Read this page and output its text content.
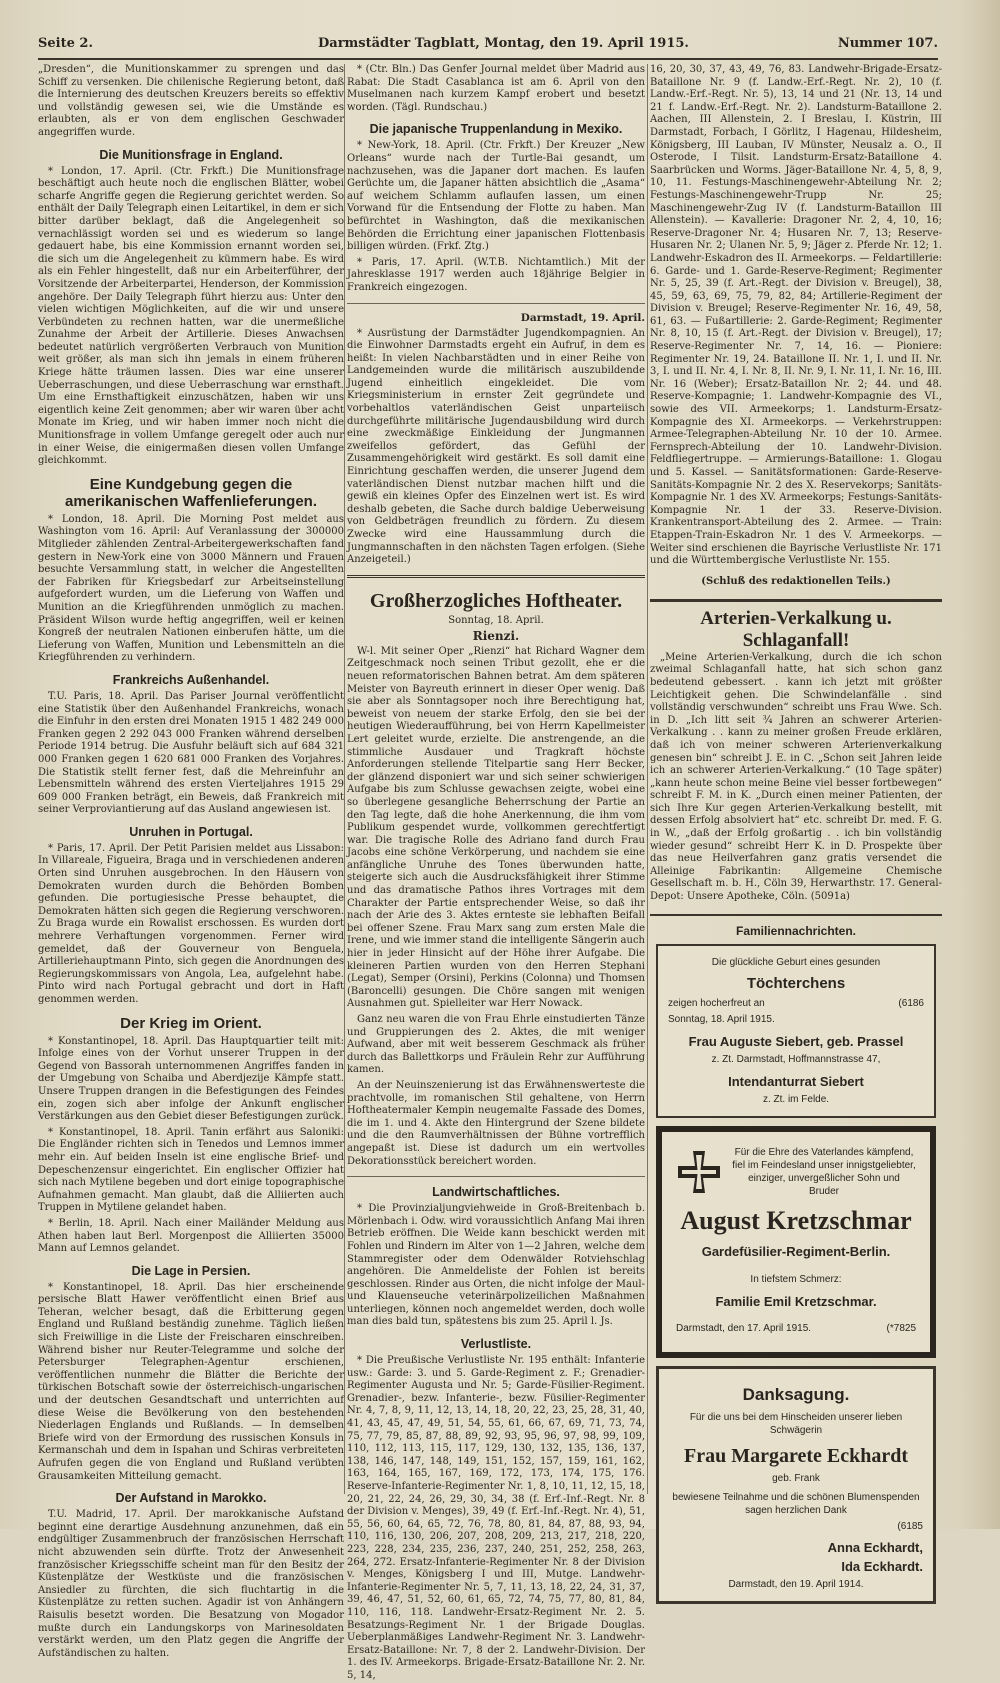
Seite 2.	Darmstädter Tagblatt, Montag, den 19. April 1915.	Nummer 107.

„Dresden“, die Munitionskammer zu sprengen und das Schiff zu versenken. Die chilenische Regierung betont, daß die Internierung des deutschen Kreuzers bereits so effektiv und vollständig gewesen sei, wie die Umstände es erlaubten, als er von dem englischen Geschwader angegriffen wurde.

Die Munitionsfrage in England.

* London, 17. April. (Ctr. Frkft.) Die Munitionsfrage beschäftigt auch heute noch die englischen Blätter, wobei scharfe Angriffe gegen die Regierung gerichtet werden. So enthält der Daily Telegraph einen Leitartikel, in dem er sich bitter darüber beklagt, daß die Angelegenheit so vernachlässigt worden sei und es wiederum so lange gedauert habe, bis eine Kommission ernannt worden sei, die sich um die Angelegenheit zu kümmern habe. Es wird als ein Fehler hingestellt, daß nur ein Arbeiterführer, der Vorsitzende der Arbeiterpartei, Henderson, der Kommission angehöre. Der Daily Telegraph führt hierzu aus: Unter den vielen wichtigen Möglichkeiten, auf die wir und unsere Verbündeten zu rechnen hatten, war die unermeßliche Zunahme der Arbeit der Artillerie. Dieses Anwachsen bedeutet natürlich vergrößerten Verbrauch von Munition weit größer, als man sich ihn jemals in einem früheren Kriege hätte träumen lassen. Dies war eine unserer Ueberraschungen, und diese Ueberraschung war ernsthaft. Um eine Ernsthaftigkeit einzuschätzen, haben wir uns eigentlich keine Zeit genommen; aber wir waren über acht Monate im Krieg, und wir haben immer noch nicht die Munitionsfrage in vollem Umfange geregelt oder auch nur in einer Weise, die einigermaßen diesen vollen Umfange gleichkommt.

Eine Kundgebung gegen die amerikanischen Waffenlieferungen.

* London, 18. April. Die Morning Post meldet aus Washington vom 16. April: Auf Veranlassung der 300000 Mitglieder zählenden Zentral-Arbeitergewerkschaften fand gestern in New-York eine von 3000 Männern und Frauen besuchte Versammlung statt, in welcher die Angestellten der Fabriken für Kriegsbedarf zur Arbeitseinstellung aufgefordert wurden, um die Lieferung von Waffen und Munition an die Kriegführenden unmöglich zu machen. Präsident Wilson wurde heftig angegriffen, weil er keinen Kongreß der neutralen Nationen einberufen hätte, um die Lieferung von Waffen, Munition und Lebensmitteln an die Kriegführenden zu verhindern.

Frankreichs Außenhandel.

T.U. Paris, 18. April. Das Pariser Journal veröffentlicht eine Statistik über den Außenhandel Frankreichs, wonach die Einfuhr in den ersten drei Monaten 1915 1 482 249 000 Franken gegen 2 292 043 000 Franken während derselben Periode 1914 betrug. Die Ausfuhr beläuft sich auf 684 321 000 Franken gegen 1 620 681 000 Franken des Vorjahres. Die Statistik stellt ferner fest, daß die Mehreinfuhr an Lebensmitteln während des ersten Vierteljahres 1915 29 609 000 Franken beträgt, ein Beweis, daß Frankreich mit seiner Verproviantierung auf das Ausland angewiesen ist.

Unruhen in Portugal.

* Paris, 17. April. Der Petit Parisien meldet aus Lissabon: In Villareale, Figueira, Braga und in verschiedenen anderen Orten sind Unruhen ausgebrochen. In den Häusern von Demokraten wurden durch die Behörden Bomben gefunden. Die portugiesische Presse behauptet, die Demokraten hätten sich gegen die Regierung verschworen. Zu Braga wurde ein Rowalist erschossen. Es wurden dort mehrere Verhaftungen vorgenommen. Ferner wird gemeldet, daß der Gouverneur von Benguela, Artilleriehauptmann Pinto, sich gegen die Anordnungen des Regierungskommissars von Angola, Lea, aufgelehnt habe. Pinto wird nach Portugal gebracht und dort in Haft genommen werden.

Der Krieg im Orient.

* Konstantinopel, 18. April. Das Hauptquartier teilt mit: Infolge eines von der Vorhut unserer Truppen in der Gegend von Bassorah unternommenen Angriffes fanden in der Umgebung von Schaiba und Aberdjezije Kämpfe statt. Unsere Truppen drangen in die Befestigungen des Feindes ein, zogen sich aber infolge der Ankunft englischer Verstärkungen aus den Gebiet dieser Befestigungen zurück.

* Konstantinopel, 18. April. Tanin erfährt aus Saloniki: Die Engländer richten sich in Tenedos und Lemnos immer mehr ein. Auf beiden Inseln ist eine englische Brief- und Depeschenzensur eingerichtet. Ein englischer Offizier hat sich nach Mytilene begeben und dort einige topographische Aufnahmen gemacht. Man glaubt, daß die Alliierten auch Truppen in Mytilene gelandet haben.

* Berlin, 18. April. Nach einer Mailänder Meldung aus Athen haben laut Berl. Morgenpost die Alliierten 35000 Mann auf Lemnos gelandet.

Die Lage in Persien.

* Konstantinopel, 18. April. Das hier erscheinende persische Blatt Hawer veröffentlicht einen Brief aus Teheran, welcher besagt, daß die Erbitterung gegen England und Rußland beständig zunehme. Täglich ließen sich Freiwillige in die Liste der Freischaren einschreiben. Während bisher nur Reuter-Telegramme und solche der Petersburger Telegraphen-Agentur erschienen, veröffentlichen nunmehr die Blätter die Berichte der türkischen Botschaft sowie der österreichisch-ungarischen und der deutschen Gesandtschaft und unterrichten auf diese Weise die Bevölkerung von den bestehenden Niederlagen Englands und Rußlands. — In demselben Briefe wird von der Ermordung des russischen Konsuls in Kermanschah und dem in Ispahan und Schiras verbreiteten Aufrufen gegen die von England und Rußland verübten Grausamkeiten Mitteilung gemacht.

Der Aufstand in Marokko.

T.U. Madrid, 17. April. Der marokkanische Aufstand beginnt eine derartige Ausdehnung anzunehmen, daß ein endgültiger Zusammenbruch der französischen Herrschaft nicht abzuwenden sein dürfte. Trotz der Anwesenheit französischer Kriegsschiffe scheint man für den Besitz der Küstenplätze der Westküste und die französischen Ansiedler zu fürchten, die sich fluchtartig in die Küstenplätze zu retten suchen. Agadir ist von Anhängern Raisulis besetzt worden. Die Besatzung von Mogador mußte durch ein Landungskorps von Marinesoldaten verstärkt werden, um den Platz gegen die Angriffe der Aufständischen zu halten.

* (Ctr. Bln.) Das Genfer Journal meldet über Madrid aus Rabat: Die Stadt Casablanca ist am 6. April von den Muselmanen nach kurzem Kampf erobert und besetzt worden. (Tägl. Rundschau.)

Die japanische Truppenlandung in Mexiko.

* New-York, 18. April. (Ctr. Frkft.) Der Kreuzer „New Orleans“ wurde nach der Turtle-Bai gesandt, um nachzusehen, was die Japaner dort machen. Es laufen Gerüchte um, die Japaner hätten absichtlich die „Asama“ auf weichem Schlamm auflaufen lassen, um einen Vorwand für die Entsendung der Flotte zu haben. Man befürchtet in Washington, daß die mexikanischen Behörden die Errichtung einer japanischen Flottenbasis billigen würden. (Frkf. Ztg.)

* Paris, 17. April. (W.T.B. Nichtamtlich.) Mit der Jahresklasse 1917 werden auch 18jährige Belgier in Frankreich eingezogen.

Darmstadt, 19. April.

* Ausrüstung der Darmstädter Jugendkompagnien. An die Einwohner Darmstadts ergeht ein Aufruf, in dem es heißt: In vielen Nachbarstädten und in einer Reihe von Landgemeinden wurde die militärisch auszubildende Jugend einheitlich eingekleidet. Die vom Kriegsministerium in ernster Zeit gegründete und vorbehaltlos vaterländischen Geist unparteiisch durchgeführte militärische Jugendausbildung wird durch eine zweckmäßige Einkleidung der Jungmannen zweifellos gefördert, das Gefühl der Zusammengehörigkeit wird gestärkt. Es soll damit eine Einrichtung geschaffen werden, die unserer Jugend dem vaterländischen Dienst nutzbar machen hilft und die gewiß ein kleines Opfer des Einzelnen wert ist. Es wird deshalb gebeten, die Sache durch baldige Ueberweisung von Geldbeträgen freundlich zu fördern. Zu diesem Zwecke wird eine Haussammlung durch die Jungmannschaften in den nächsten Tagen erfolgen. (Siehe Anzeigeteil.)

Großherzogliches Hoftheater.
Sonntag, 18. April.
Rienzi.

W-l. Mit seiner Oper „Rienzi“ hat Richard Wagner dem Zeitgeschmack noch seinen Tribut gezollt, ehe er die neuen reformatorischen Bahnen betrat. Am dem späteren Meister von Bayreuth erinnert in dieser Oper wenig. Daß sie aber als Sonntagsoper noch ihre Berechtigung hat, beweist von neuem der starke Erfolg, den sie bei der heutigen Wiederaufführung, bei von Herrn Kapellmeister Lert geleitet wurde, erzielte. Die anstrengende, an die stimmliche Ausdauer und Tragkraft höchste Anforderungen stellende Titelpartie sang Herr Becker, der glänzend disponiert war und sich seiner schwierigen Aufgabe bis zum Schlusse gewachsen zeigte, wobei eine so überlegene gesangliche Beherrschung der Partie an den Tag legte, daß die hohe Anerkennung, die ihm vom Publikum gespendet wurde, vollkommen gerechtfertigt war. Die tragische Rolle des Adriano fand durch Frau Jacobs eine schöne Verkörperung, und nachdem sie eine anfängliche Unruhe des Tones überwunden hatte, steigerte sich auch die Ausdrucksfähigkeit ihrer Stimme und das dramatische Pathos ihres Vortrages mit dem Charakter der Partie entsprechender Weise, so daß ihr nach der Arie des 3. Aktes ernteste sie lebhaften Beifall bei offener Szene. Frau Marx sang zum ersten Male die Irene, und wie immer stand die intelligente Sängerin auch hier in jeder Hinsicht auf der Höhe ihrer Aufgabe. Die kleineren Partien wurden von den Herren Stephani (Legat), Semper (Orsini), Perkins (Colonna) und Thomsen (Baroncelli) gesungen. Die Chöre sangen mit wenigen Ausnahmen gut. Spielleiter war Herr Nowack.

Ganz neu waren die von Frau Ehrle einstudierten Tänze und Gruppierungen des 2. Aktes, die mit weniger Aufwand, aber mit weit besserem Geschmack als früher durch das Ballettkorps und Fräulein Rehr zur Aufführung kamen.

An der Neuinszenierung ist das Erwähnenswerteste die prachtvolle, im romanischen Stil gehaltene, von Herrn Hoftheatermaler Kempin neugemalte Fassade des Domes, die im 1. und 4. Akte den Hintergrund der Szene bildete und die den Raumverhältnissen der Bühne vortrefflich angepaßt ist. Diese ist dadurch um ein wertvolles Dekorationsstück bereichert worden.

Landwirtschaftliches.

* Die Provinzialjungviehweide in Groß-Breitenbach b. Mörlenbach i. Odw. wird voraussichtlich Anfang Mai ihren Betrieb eröffnen. Die Weide kann beschickt werden mit Fohlen und Rindern im Alter von 1—2 Jahren, welche dem Stammregister oder dem Odenwälder Rotviehschlag angehören. Die Anmeldeliste der Fohlen ist bereits geschlossen. Rinder aus Orten, die nicht infolge der Maul- und Klauenseuche veterinärpolizeilichen Maßnahmen unterliegen, können noch angemeldet werden, doch wolle man dies bald tun, spätestens bis zum 25. April l. Js.

Verlustliste.

* Die Preußische Verlustliste Nr. 195 enthält: Infanterie usw.: Garde: 3. und 5. Garde-Regiment z. F.; Grenadier-Regimenter Augusta und Nr. 5; Garde-Füsilier-Regiment. Grenadier-, bezw. Infanterie-, bezw. Füsilier-Regimenter Nr. 4, 7, 8, 9, 11, 12, 13, 14, 18, 20, 22, 23, 25, 28, 31, 40, 41, 43, 45, 47, 49, 51, 54, 55, 61, 66, 67, 69, 71, 73, 74, 75, 77, 79, 85, 87, 88, 89, 92, 93, 95, 96, 97, 98, 99, 109, 110, 112, 113, 115, 117, 129, 130, 132, 135, 136, 137, 138, 146, 147, 148, 149, 151, 152, 157, 159, 161, 162, 163, 164, 165, 167, 169, 172, 173, 174, 175, 176. Reserve-Infanterie-Regimenter Nr. 1, 8, 10, 11, 12, 15, 18, 20, 21, 22, 24, 26, 29, 30, 34, 38 (f. Erf.-Inf.-Regt. Nr. 8 der Division v. Menges), 39, 49 (f. Erf.-Inf.-Regt. Nr. 4), 51, 55, 56, 60, 64, 65, 72, 76, 78, 80, 81, 84, 87, 88, 93, 94, 110, 116, 130, 206, 207, 208, 209, 213, 217, 218, 220, 223, 228, 234, 235, 236, 237, 240, 251, 252, 258, 263, 264, 272. Ersatz-Infanterie-Regimenter Nr. 8 der Division v. Menges, Königsberg I und III, Mutge. Landwehr-Infanterie-Regimenter Nr. 5, 7, 11, 13, 18, 22, 24, 31, 37, 39, 46, 47, 51, 52, 60, 61, 65, 72, 74, 75, 77, 80, 81, 84, 110, 116, 118. Landwehr-Ersatz-Regiment Nr. 2. 5. Besatzungs-Regiment Nr. 1 der Brigade Douglas. Ueberplanmäßiges Landwehr-Regiment Nr. 3. Landwehr-Ersatz-Bataillone: Nr. 7, 8 der 2. Landwehr-Division. Der 1. des IV. Armeekorps. Brigade-Ersatz-Bataillone Nr. 2. Nr. 5, 14,

16, 20, 30, 37, 43, 49, 76, 83. Landwehr-Brigade-Ersatz-Bataillone Nr. 9 (f. Landw.-Erf.-Regt. Nr. 2), 10 (f. Landw.-Erf.-Regt. Nr. 5), 13, 14 und 21 (Nr. 13, 14 und 21 f. Landw.-Erf.-Regt. Nr. 2). Landsturm-Bataillone 2. Aachen, III Allenstein, 2. I Breslau, I. Küstrin, III Darmstadt, Forbach, I Görlitz, I Hagenau, Hildesheim, Königsberg, III Lauban, IV Münster, Neusalz a. O., II Osterode, I Tilsit. Landsturm-Ersatz-Bataillone 4. Saarbrücken und Worms. Jäger-Bataillone Nr. 4, 5, 8, 9, 10, 11. Festungs-Maschinengewehr-Abteilung Nr. 2; Festungs-Maschinengewehr-Trupp Nr. 25; Maschinengewehr-Zug IV (f. Landsturm-Bataillon III Allenstein). — Kavallerie: Dragoner Nr. 2, 4, 10, 16; Reserve-Dragoner Nr. 4; Husaren Nr. 7, 13; Reserve-Husaren Nr. 2; Ulanen Nr. 5, 9; Jäger z. Pferde Nr. 12; 1. Landwehr-Eskadron des II. Armeekorps. — Feldartillerie: 6. Garde- und 1. Garde-Reserve-Regiment; Regimenter Nr. 5, 25, 39 (f. Art.-Regt. der Division v. Breugel), 38, 45, 59, 63, 69, 75, 79, 82, 84; Artillerie-Regiment der Division v. Breugel; Reserve-Regimenter Nr. 16, 49, 58, 61, 63. — Fußartillerie: 2. Garde-Regiment; Regimenter Nr. 8, 10, 15 (f. Art.-Regt. der Division v. Breugel), 17; Reserve-Regimenter Nr. 7, 14, 16. — Pioniere: Regimenter Nr. 19, 24. Bataillone II. Nr. 1, I. und II. Nr. 3, I. und II. Nr. 4, I. Nr. 8, II. Nr. 9, I. Nr. 11, I. Nr. 16, III. Nr. 16 (Weber); Ersatz-Bataillon Nr. 2; 44. und 48. Reserve-Kompagnie; 1. Landwehr-Kompagnie des VI., sowie des VII. Armeekorps; 1. Landsturm-Ersatz-Kompagnie des XI. Armeekorps. — Verkehrstruppen: Armee-Telegraphen-Abteilung Nr. 10 der 10. Armee. Fernsprech-Abteilung der 10. Landwehr-Division. Feldfliegertruppe. — Armierungs-Bataillone: 1. Glogau und 5. Kassel. — Sanitätsformationen: Garde-Reserve-Sanitäts-Kompagnie Nr. 2 des X. Reservekorps; Sanitäts-Kompagnie Nr. 1 des XV. Armeekorps; Festungs-Sanitäts-Kompagnie Nr. 1 der 33. Reserve-Division. Krankentransport-Abteilung des 2. Armee. — Train: Etappen-Train-Eskadron Nr. 1 des V. Armeekorps. — Weiter sind erschienen die Bayrische Verlustliste Nr. 171 und die Württembergische Verlustliste Nr. 155.

(Schluß des redaktionellen Teils.)
Arterien-Verkalkung u. Schlaganfall!

„Meine Arterien-Verkalkung, durch die ich schon zweimal Schlaganfall hatte, hat sich schon ganz bedeutend gebessert. . kann ich jetzt mit größter Leichtigkeit gehen. Die Schwindelanfälle . sind vollständig verschwunden“ schreibt uns Frau Wwe. Sch. in D. „Ich litt seit ¾ Jahren an schwerer Arterien-Verkalkung . . kann zu meiner großen Freude erklären, daß ich von meiner schweren Arterienverkalkung genesen bin“ schreibt J. E. in C. „Schon seit Jahren leide ich an schwerer Arterien-Verkalkung.“ (10 Tage später) „kann heute schon meine Beine viel besser fortbewegen“ schreibt F. M. in K. „Durch einen meiner Patienten, der sich Ihre Kur gegen Arterien-Verkalkung bestellt, mit dessen Erfolg absolviert hat“ etc. schreibt Dr. med. F. G. in W., „daß der Erfolg großartig . . ich bin vollständig wieder gesund“ schreibt Herr K. in D. Prospekte über das neue Heilverfahren ganz gratis versendet die Alleinige Fabrikantin: Allgemeine Chemische Gesellschaft m. b. H., Cöln 39, Herwarthstr. 17. General-Depot: Unsere Apotheke, Cöln. (5091a)

Familiennachrichten.
Die glückliche Geburt eines gesunden
Töchterchens
zeigen hocherfreut an	(6186
Sonntag, 18. April 1915.
Frau Auguste Siebert, geb. Prassel
z. Zt. Darmstadt, Hoffmannstrasse 47,
Intendanturrat Siebert
z. Zt. im Felde.
Für die Ehre des Vaterlandes kämpfend, fiel im Feindesland unser innigstgeliebter, einziger, unvergeßlicher Sohn und Bruder
August Kretzschmar
Gardefüsilier-Regiment-Berlin.
In tiefstem Schmerz:
Familie Emil Kretzschmar.
Darmstadt, den 17. April 1915.	(*7825
Danksagung.
Für die uns bei dem Hinscheiden unserer lieben Schwägerin
Frau Margarete Eckhardt
geb. Frank
bewiesene Teilnahme und die schönen Blumenspenden sagen herzlichen Dank
(6185
Anna Eckhardt,
Ida Eckhardt.
Darmstadt, den 19. April 1914.
